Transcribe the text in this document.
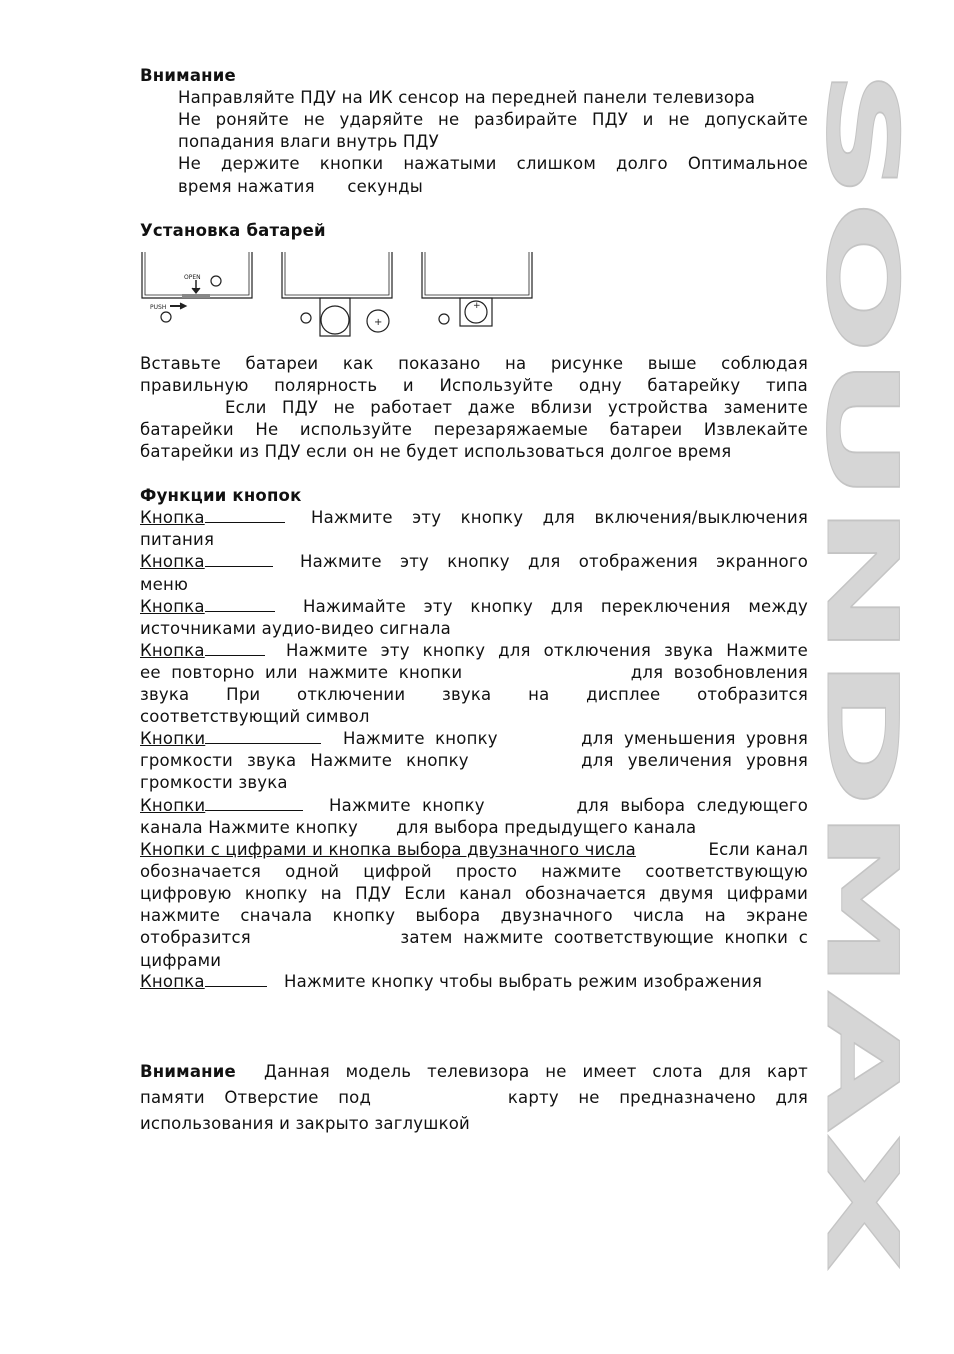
Внимание
Направляйте ПДУ на ИК сенсор на передней панели телевизора
Не роняйте не ударяйте не разбирайте ПДУ и не допускайте
попадания влаги внутрь ПДУ
Не держите кнопки нажатыми слишком долго Оптимальное
время нажатия      секунды
Установка батарей
OPEN
PUSH
+
+
Вставьте батареи как показано на рисунке выше соблюдая
правильную полярность и Используйте одну батарейку типа
Если ПДУ не работает даже вблизи устройства замените
батарейки Не используйте перезаряжаемые батареи Извлекайте
батарейки из ПДУ если он не будет использоваться долгое время
Функции кнопок
Кнопка	Нажмите эту кнопку для включения/выключения
питания
Кнопка	Нажмите эту кнопку для отображения экранного
меню
Кнопка	Нажимайте эту кнопку для переключения между
источниками аудио-видео сигнала
Кнопка	Нажмите эту кнопку для отключения звука Нажмите
ее повторно или нажмите кнопки                для возобновления
звука При отключении звука на дисплее отобразится
соответствующий символ
Кнопки	Нажмите кнопку        для уменьшения уровня
громкости звука Нажмите кнопку        для увеличения уровня
громкости звука
Кнопки	Нажмите кнопку        для выбора следующего
канала Нажмите кнопку       для выбора предыдущего канала
Кнопки с цифрами и кнопка выбора двузначного числа	Если канал
обозначается одной цифрой просто нажмите соответствующую
цифровую кнопку на ПДУ Если канал обозначается двумя цифрами
нажмите сначала кнопку выбора двузначного числа на экране
отобразится              затем нажмите соответствующие кнопки с
цифрами
Кнопка	Нажмите кнопку чтобы выбрать режим изображения
Внимание	Данная модель телевизора не имеет слота для карт
памяти Отверстие под       карту не предназначено для
использования и закрыто заглушкой
SOUNDMAX
